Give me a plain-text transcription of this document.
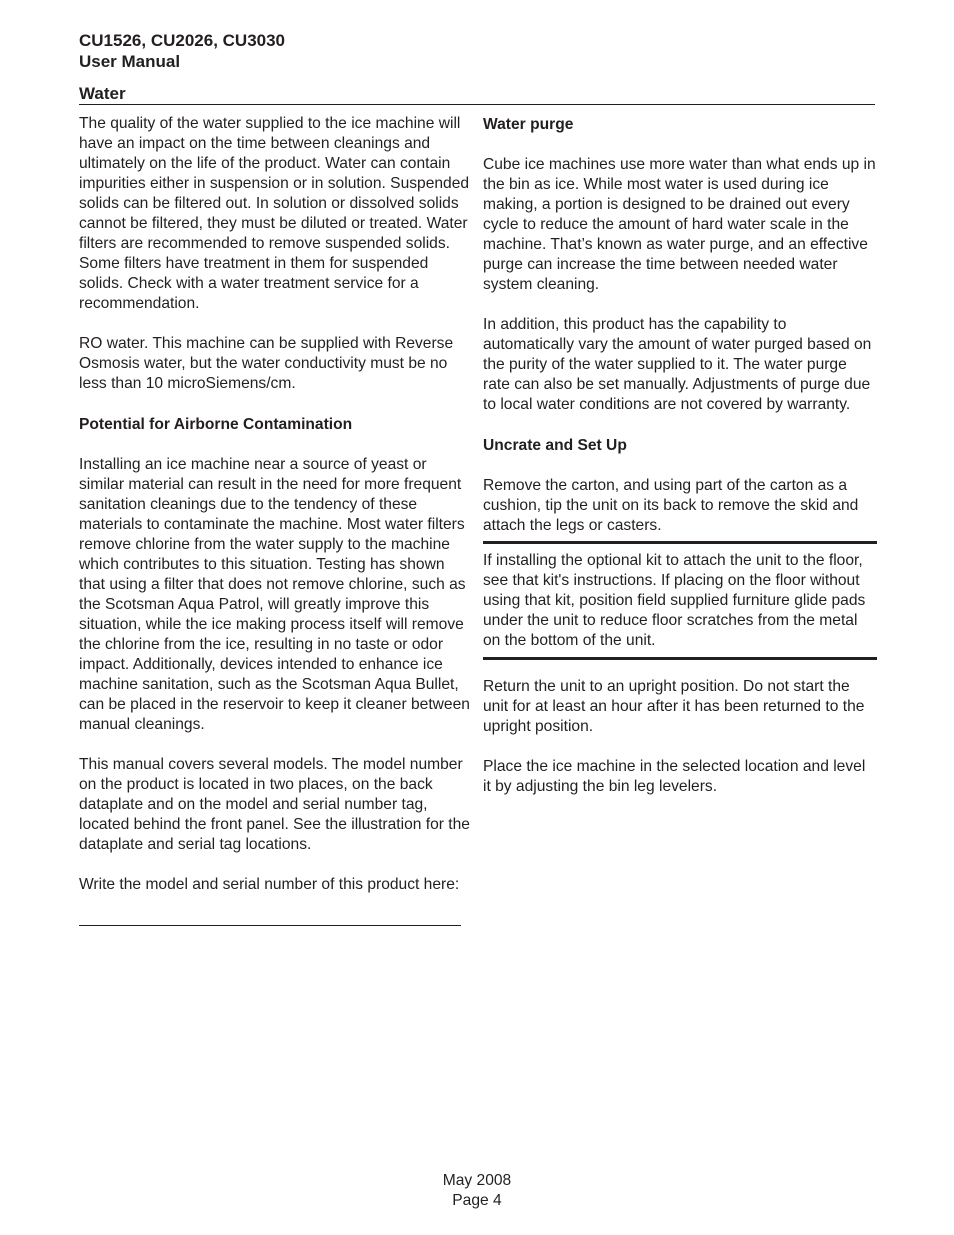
CU1526, CU2026, CU3030
User Manual
Water

The quality of the water supplied to the ice machine will have an impact on the time between cleanings and ultimately on the life of the product. Water can contain impurities either in suspension or in solution. Suspended solids can be filtered out. In solution or dissolved solids cannot be filtered, they must be diluted or treated. Water filters are recommended to remove suspended solids. Some filters have treatment in them for suspended solids. Check with a water treatment service for a recommendation.

RO water. This machine can be supplied with Reverse Osmosis water, but the water conductivity must be no less than 10 microSiemens/cm.

Potential for Airborne Contamination

Installing an ice machine near a source of yeast or similar material can result in the need for more frequent sanitation cleanings due to the tendency of these materials to contaminate the machine. Most water filters remove chlorine from the water supply to the machine which contributes to this situation. Testing has shown that using a filter that does not remove chlorine, such as the Scotsman Aqua Patrol, will greatly improve this situation, while the ice making process itself will remove the chlorine from the ice, resulting in no taste or odor impact. Additionally, devices intended to enhance ice machine sanitation, such as the Scotsman Aqua Bullet, can be placed in the reservoir to keep it cleaner between manual cleanings.

This manual covers several models. The model number on the product is located in two places, on the back dataplate and on the model and serial number tag, located behind the front panel. See the illustration for the dataplate and serial tag locations.

Write the model and serial number of this product here:

Water purge

Cube ice machines use more water than what ends up in the bin as ice. While most water is used during ice making, a portion is designed to be drained out every cycle to reduce the amount of hard water scale in the machine. That’s known as water purge, and an effective purge can increase the time between needed water system cleaning.

In addition, this product has the capability to automatically vary the amount of water purged based on the purity of the water supplied to it. The water purge rate can also be set manually. Adjustments of purge due to local water conditions are not covered by warranty.

Uncrate and Set Up

Remove the carton, and using part of the carton as a cushion, tip the unit on its back to remove the skid and attach the legs or casters.

If installing the optional kit to attach the unit to the floor, see that kit's instructions. If placing on the floor without using that kit, position field supplied furniture glide pads under the unit to reduce floor scratches from the metal on the bottom of the unit.

Return the unit to an upright position. Do not start the unit for at least an hour after it has been returned to the upright position.

Place the ice machine in the selected location and level it by adjusting the bin leg levelers.

May 2008
Page 4
